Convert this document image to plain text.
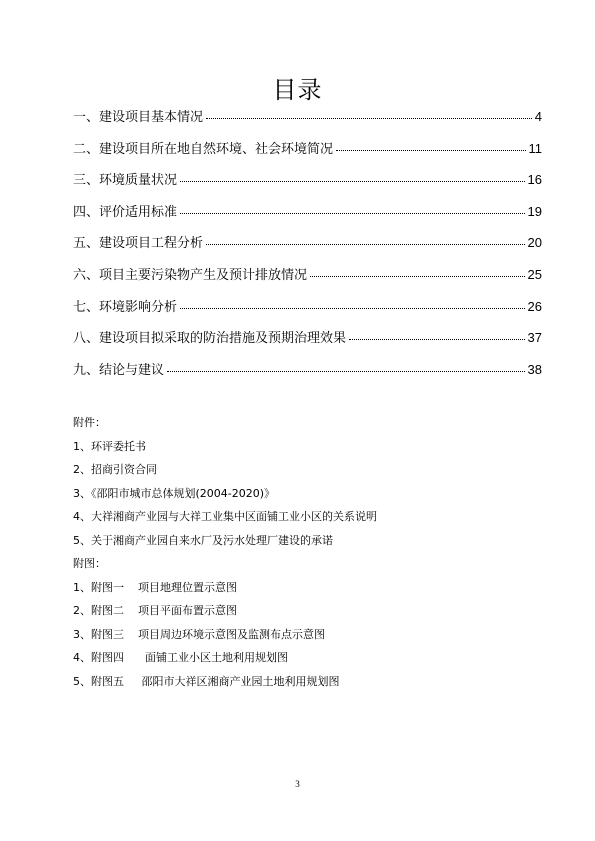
目录
一、建设项目基本情况	4
二、建设项目所在地自然环境、社会环境简况	11
三、环境质量状况	16
四、评价适用标准	19
五、建设项目工程分析	20
六、项目主要污染物产生及预计排放情况	25
七、环境影响分析	26
八、建设项目拟采取的防治措施及预期治理效果	37
九、结论与建议	38
附件：
1、环评委托书
2、招商引资合同
3、《邵阳市城市总体规划(2004-2020)》
4、大祥湘商产业园与大祥工业集中区面铺工业小区的关系说明
5、关于湘商产业园自来水厂及污水处理厂建设的承诺
附图：
1、附图一    项目地理位置示意图
2、附图二    项目平面布置示意图
3、附图三    项目周边环境示意图及监测布点示意图
4、附图四      面铺工业小区土地利用规划图
5、附图五     邵阳市大祥区湘商产业园土地利用规划图
3
